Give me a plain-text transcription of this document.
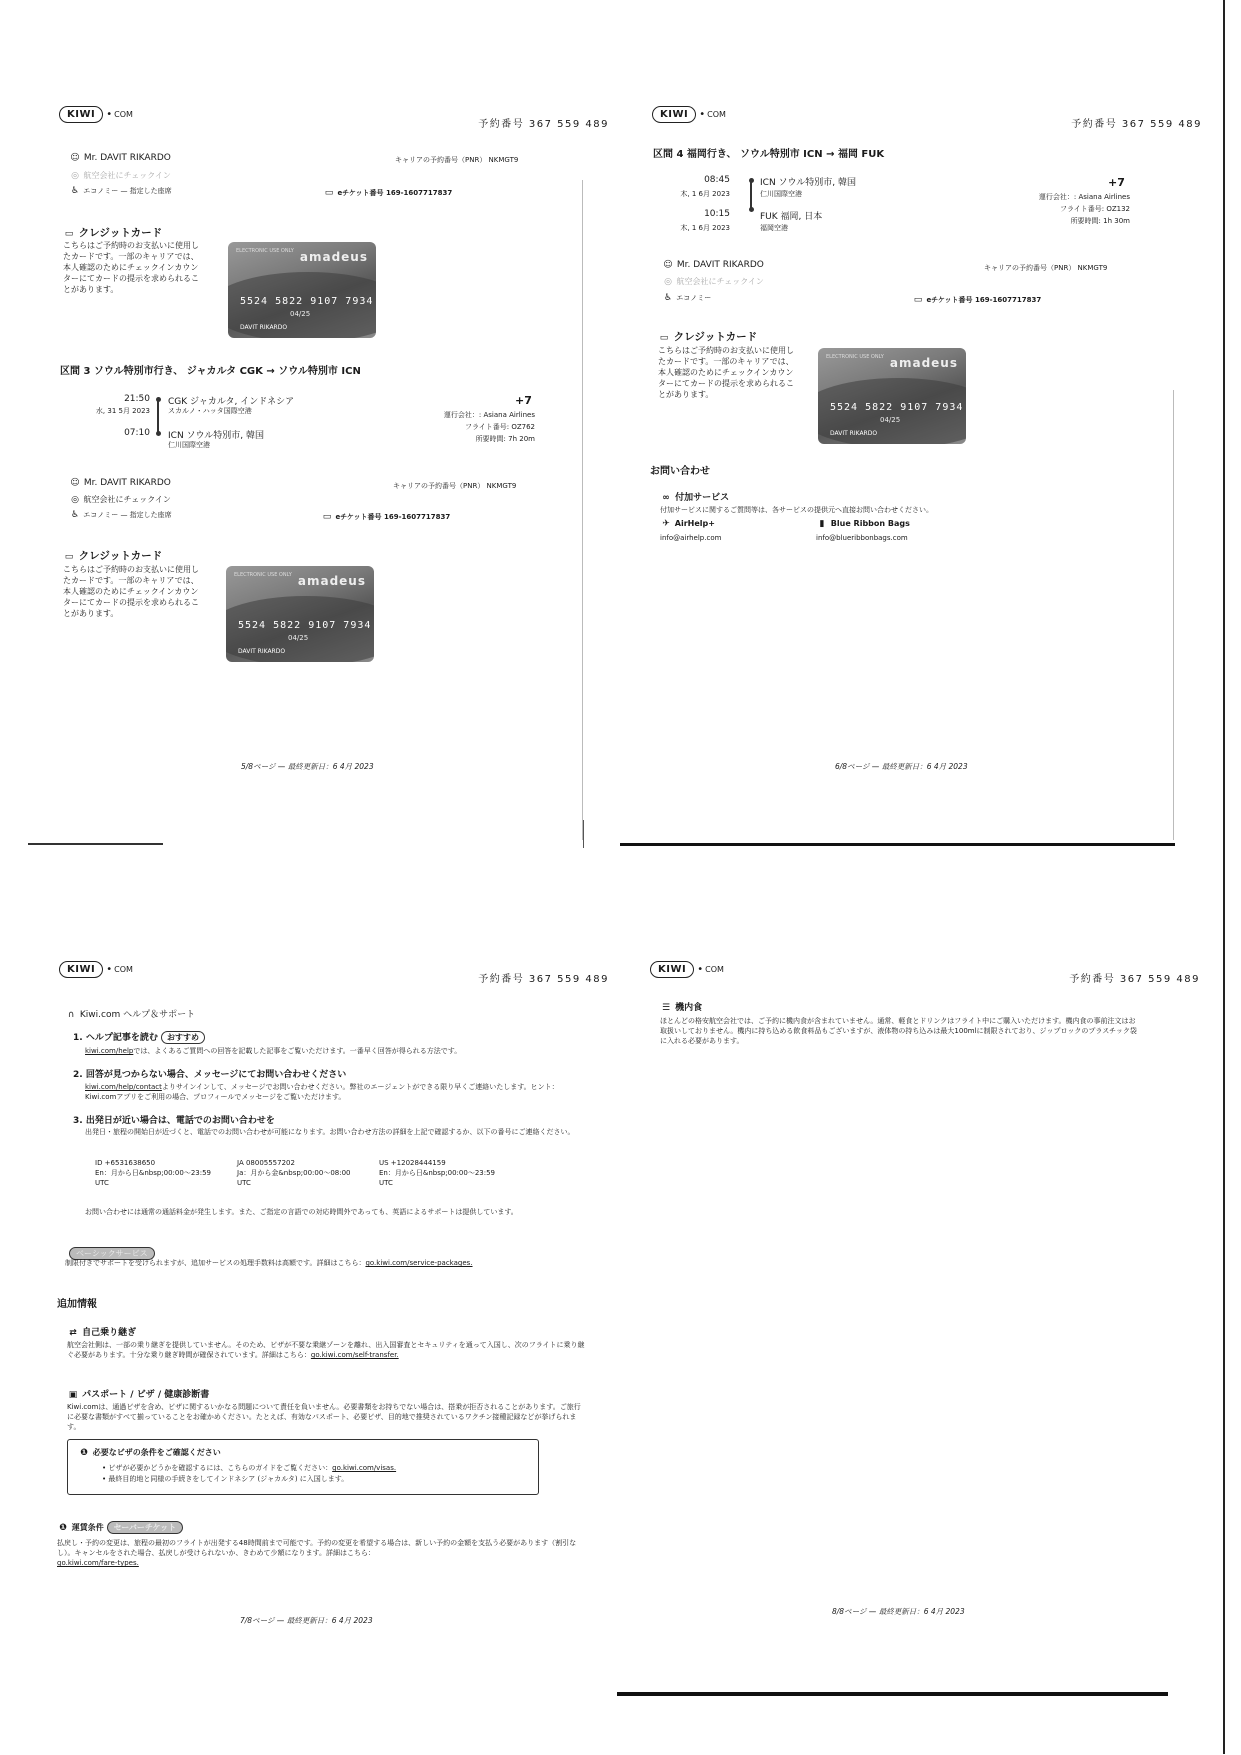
KIWI	• COM
予約番号 367 559 489
☺ Mr. DAVIT RIKARDO	キャリアの予約番号（PNR） NKMGT9
◎ 航空会社にチェックイン
♿ エコノミー — 指定した座席	▭ eチケット番号 169-1607717837
▭ クレジットカード
こちらはご予約時のお支払いに使用したカードです。一部のキャリアでは、本人確認のためにチェックインカウンターにてカードの提示を求められることがあります。
ELECTRONIC USE ONLY amadeus
5524 5822 9107 7934
04/25
DAVIT RIKARDO
区間 3 ソウル特別市行き、 ジャカルタ CGK → ソウル特別市 ICN
21:50
水, 31 5月 2023
CGK ジャカルタ, インドネシア
スカルノ・ハッタ国際空港
07:10 ICN ソウル特別市, 韓国
仁川国際空港
+7
運行会社：: Asiana Airlines
フライト番号: OZ762
所要時間: 7h 20m
☺ Mr. DAVIT RIKARDO	キャリアの予約番号（PNR） NKMGT9
◎ 航空会社にチェックイン
♿ エコノミー — 指定した座席	▭ eチケット番号 169-1607717837
▭ クレジットカード
こちらはご予約時のお支払いに使用したカードです。一部のキャリアでは、本人確認のためにチェックインカウンターにてカードの提示を求められることがあります。
ELECTRONIC USE ONLY amadeus
5524 5822 9107 7934
04/25
DAVIT RIKARDO
5/8ページ — 最終更新日：6 4月 2023
KIWI	• COM
予約番号 367 559 489
区間 4 福岡行き、 ソウル特別市 ICN → 福岡 FUK
08:45
木, 1 6月 2023
ICN ソウル特別市, 韓国
仁川国際空港
10:15
木, 1 6月 2023
FUK 福岡, 日本
福岡空港
+7
運行会社：: Asiana Airlines
フライト番号: OZ132
所要時間: 1h 30m
☺ Mr. DAVIT RIKARDO	キャリアの予約番号（PNR） NKMGT9
◎ 航空会社にチェックイン
♿ エコノミー	▭ eチケット番号 169-1607717837
▭ クレジットカード
こちらはご予約時のお支払いに使用したカードです。一部のキャリアでは、本人確認のためにチェックインカウンターにてカードの提示を求められることがあります。
ELECTRONIC USE ONLY amadeus
5524 5822 9107 7934
04/25
DAVIT RIKARDO
お問い合わせ
∞ 付加サービス
付加サービスに関するご質問等は、各サービスの提供元へ直接お問い合わせください。
✈ AirHelp+
info@airhelp.com
▮ Blue Ribbon Bags
info@blueribbonbags.com
6/8ページ — 最終更新日：6 4月 2023
KIWI	• COM
予約番号 367 559 489
∩ Kiwi.com ヘルプ＆サポート
1. ヘルプ記事を読む おすすめ
kiwi.com/helpでは、よくあるご質問への回答を記載した記事をご覧いただけます。一番早く回答が得られる方法です。
2. 回答が見つからない場合、メッセージにてお問い合わせください
kiwi.com/help/contactよりサインインして、メッセージでお問い合わせください。弊社のエージェントができる限り早くご連絡いたします。ヒント：Kiwi.comアプリをご利用の場合、プロフィールでメッセージをご覧いただけます。
3. 出発日が近い場合は、電話でのお問い合わせを
出発日・旅程の開始日が近づくと、電話でのお問い合わせが可能になります。お問い合わせ方法の詳細を上記で確認するか、以下の番号にご連絡ください。
ID +6531638650
En：月から日&nbsp;00:00〜23:59
UTC
JA 08005557202
Ja：月から金&nbsp;00:00〜08:00
UTC
US +12028444159
En：月から日&nbsp;00:00〜23:59
UTC
お問い合わせには通常の通話料金が発生します。また、ご指定の言語での対応時間外であっても、英語によるサポートは提供しています。
ベーシックサービス
制限付きでサポートを受けられますが、追加サービスの処理手数料は高額です。詳細はこちら：go.kiwi.com/service-packages.
追加情報
⇄ 自己乗り継ぎ
航空会社側は、一部の乗り継ぎを提供していません。そのため、ビザが不要な乗継ゾーンを離れ、出入国審査とセキュリティを通って入国し、次のフライトに乗り継ぐ必要があります。十分な乗り継ぎ時間が確保されています。詳細はこちら：go.kiwi.com/self-transfer.
▣ パスポート / ビザ / 健康診断書
Kiwi.comは、通過ビザを含め、ビザに関するいかなる問題について責任を負いません。必要書類をお持ちでない場合は、搭乗が拒否されることがあります。ご旅行に必要な書類がすべて揃っていることをお確かめください。たとえば、有効なパスポート、必要ビザ、目的地で推奨されているワクチン接種記録などが挙げられます。
❶ 必要なビザの条件をご確認ください
• ビザが必要かどうかを確認するには、こちらのガイドをご覧ください：go.kiwi.com/visas.
• 最終目的地と同様の手続きをしてインドネシア (ジャカルタ) に入国します。
❶ 運賃条件 セーバーチケット
払戻し・予約の変更は、旅程の最初のフライトが出発する48時間前まで可能です。予約の変更を希望する場合は、新しい予約の金額を支払う必要があります（割引なし）。キャンセルをされた場合、払戻しが受けられないか、きわめて少額になります。詳細はこちら：
go.kiwi.com/fare-types.
7/8ページ — 最終更新日：6 4月 2023
KIWI	• COM
予約番号 367 559 489
☰ 機内食
ほとんどの格安航空会社では、ご予約に機内食が含まれていません。通常、軽食とドリンクはフライト中にご購入いただけます。機内食の事前注文はお取扱いしておりません。機内に持ち込める飲食料品もございますが、液体物の持ち込みは最大100mlに制限されており、ジップロックのプラスチック袋に入れる必要があります。
8/8ページ — 最終更新日：6 4月 2023
